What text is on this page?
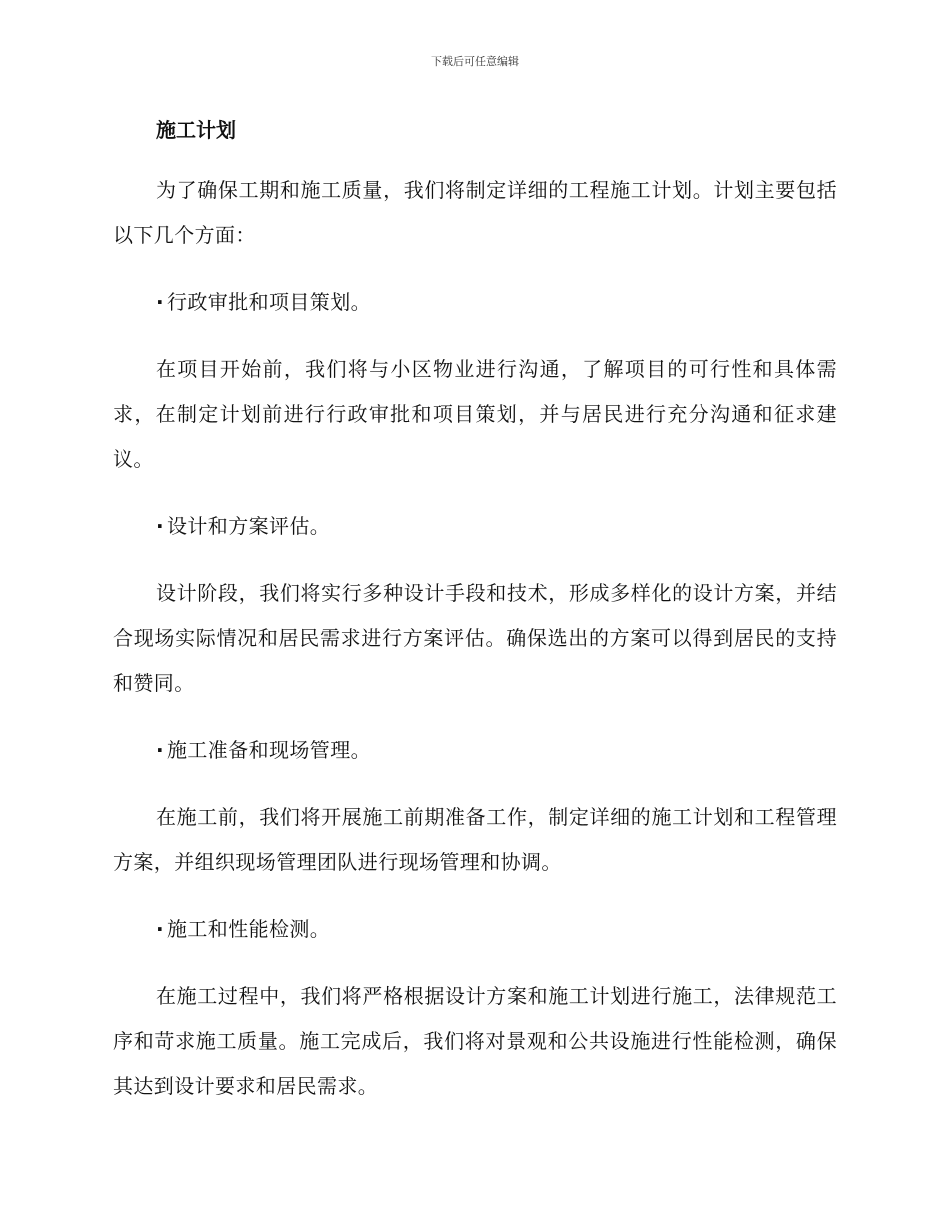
下载后可任意编辑
施工计划

为了确保工期和施工质量，我们将制定详细的工程施工计划。计划主要包括以下几个方面：

· 行政审批和项目策划。

在项目开始前，我们将与小区物业进行沟通，了解项目的可行性和具体需求，在制定计划前进行行政审批和项目策划，并与居民进行充分沟通和征求建议。

· 设计和方案评估。

设计阶段，我们将实行多种设计手段和技术，形成多样化的设计方案，并结合现场实际情况和居民需求进行方案评估。确保选出的方案可以得到居民的支持和赞同。

· 施工准备和现场管理。

在施工前，我们将开展施工前期准备工作，制定详细的施工计划和工程管理方案，并组织现场管理团队进行现场管理和协调。

· 施工和性能检测。

在施工过程中，我们将严格根据设计方案和施工计划进行施工，法律规范工序和苛求施工质量。施工完成后，我们将对景观和公共设施进行性能检测，确保其达到设计要求和居民需求。
